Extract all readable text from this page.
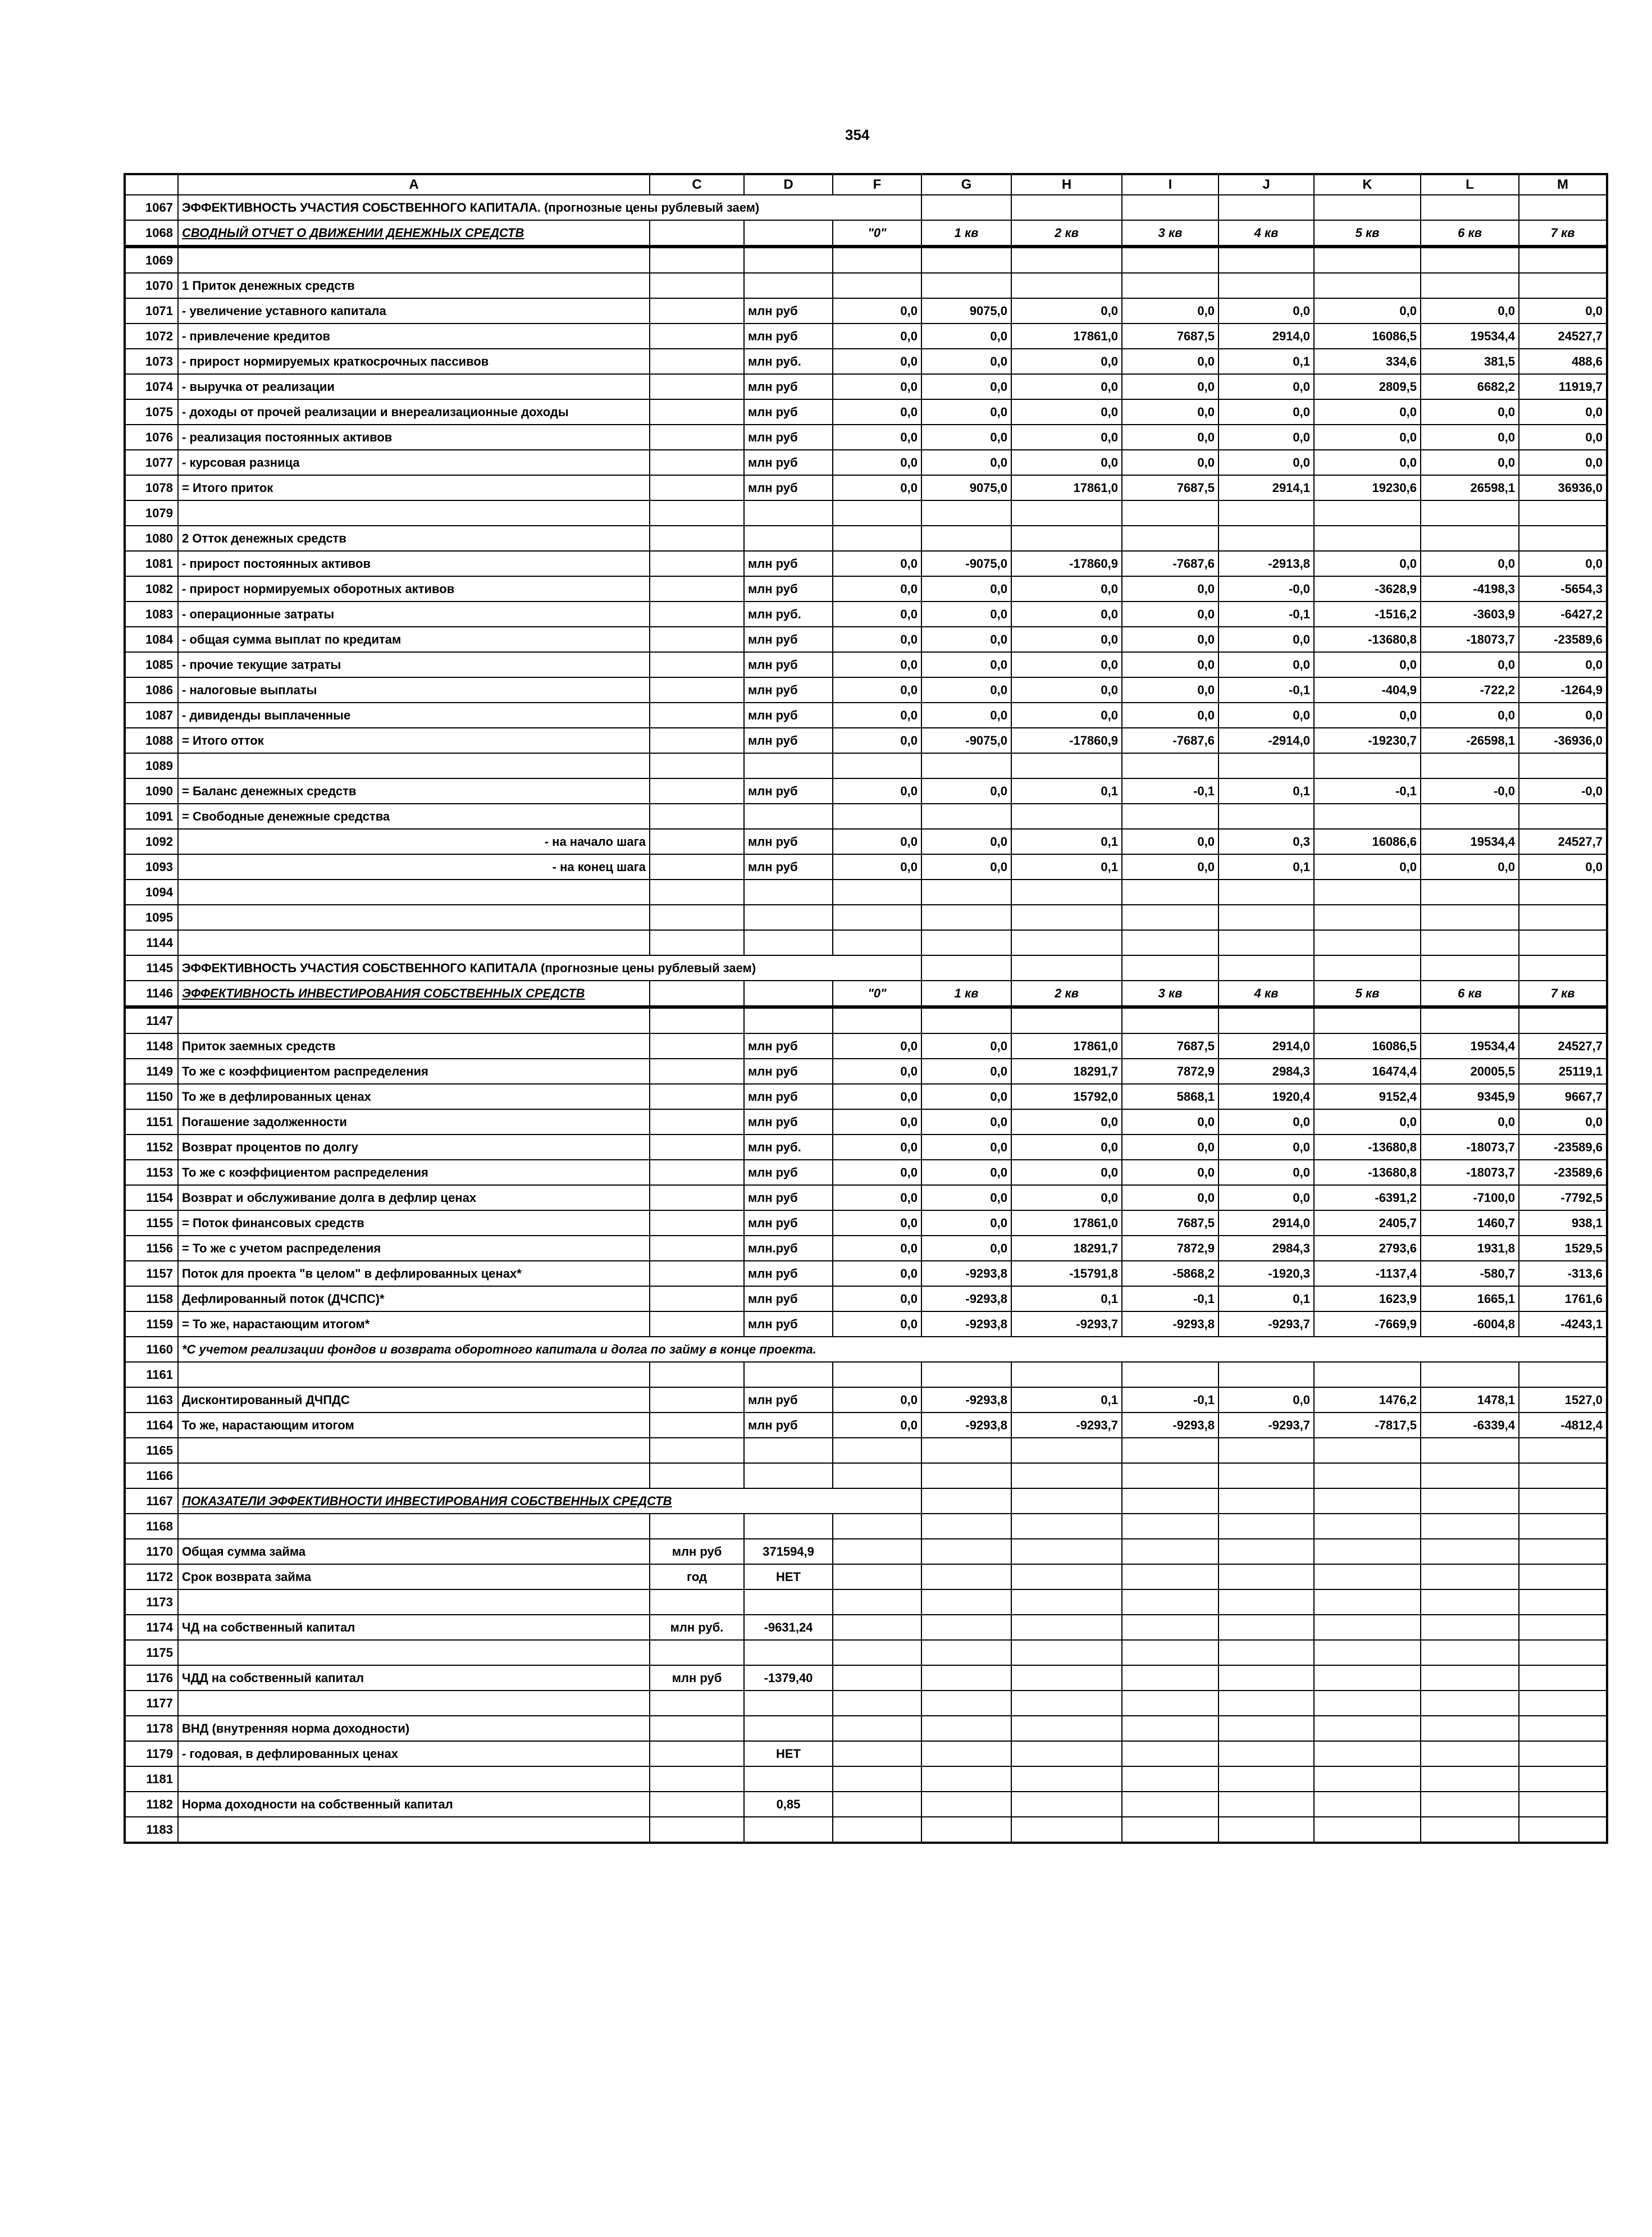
354
	A	C	D	F	G	H	I	J	K	L	M
1067	ЭФФЕКТИВНОСТЬ УЧАСТИЯ СОБСТВЕННОГО КАПИТАЛА. (прогнозные цены рублевый заем)										
1068	СВОДНЫЙ ОТЧЕТ О ДВИЖЕНИИ ДЕНЕЖНЫХ СРЕДСТВ			"0"	1 кв	2 кв	3 кв	4 кв	5 кв	6 кв	7 кв
1069											
1070	1 Приток денежных средств										
1071	- увеличение уставного капитала		млн руб	0,0	9075,0	0,0	0,0	0,0	0,0	0,0	0,0
1072	- привлечение кредитов		млн руб	0,0	0,0	17861,0	7687,5	2914,0	16086,5	19534,4	24527,7
1073	- прирост нормируемых краткосрочных пассивов		млн руб.	0,0	0,0	0,0	0,0	0,1	334,6	381,5	488,6
1074	- выручка от реализации		млн руб	0,0	0,0	0,0	0,0	0,0	2809,5	6682,2	11919,7
1075	- доходы от прочей реализации и внереализационные доходы		млн руб	0,0	0,0	0,0	0,0	0,0	0,0	0,0	0,0
1076	- реализация постоянных активов		млн руб	0,0	0,0	0,0	0,0	0,0	0,0	0,0	0,0
1077	- курсовая разница		млн руб	0,0	0,0	0,0	0,0	0,0	0,0	0,0	0,0
1078	= Итого приток		млн руб	0,0	9075,0	17861,0	7687,5	2914,1	19230,6	26598,1	36936,0
1079											
1080	2 Отток денежных средств										
1081	- прирост постоянных активов		млн руб	0,0	-9075,0	-17860,9	-7687,6	-2913,8	0,0	0,0	0,0
1082	- прирост нормируемых оборотных активов		млн руб	0,0	0,0	0,0	0,0	-0,0	-3628,9	-4198,3	-5654,3
1083	- операционные затраты		млн руб.	0,0	0,0	0,0	0,0	-0,1	-1516,2	-3603,9	-6427,2
1084	- общая сумма выплат по кредитам		млн руб	0,0	0,0	0,0	0,0	0,0	-13680,8	-18073,7	-23589,6
1085	- прочие текущие затраты		млн руб	0,0	0,0	0,0	0,0	0,0	0,0	0,0	0,0
1086	- налоговые выплаты		млн руб	0,0	0,0	0,0	0,0	-0,1	-404,9	-722,2	-1264,9
1087	- дивиденды выплаченные		млн руб	0,0	0,0	0,0	0,0	0,0	0,0	0,0	0,0
1088	= Итого отток		млн руб	0,0	-9075,0	-17860,9	-7687,6	-2914,0	-19230,7	-26598,1	-36936,0
1089											
1090	= Баланс денежных средств		млн руб	0,0	0,0	0,1	-0,1	0,1	-0,1	-0,0	-0,0
1091	= Свободные денежные средства										
1092	- на начало шага		млн руб	0,0	0,0	0,1	0,0	0,3	16086,6	19534,4	24527,7
1093	- на конец шага		млн руб	0,0	0,0	0,1	0,0	0,1	0,0	0,0	0,0
1094											
1095											
1144											
1145	ЭФФЕКТИВНОСТЬ УЧАСТИЯ СОБСТВЕННОГО КАПИТАЛА (прогнозные цены рублевый заем)										
1146	ЭФФЕКТИВНОСТЬ ИНВЕСТИРОВАНИЯ СОБСТВЕННЫХ СРЕДСТВ			"0"	1 кв	2 кв	3 кв	4 кв	5 кв	6 кв	7 кв
1147											
1148	Приток заемных средств		млн руб	0,0	0,0	17861,0	7687,5	2914,0	16086,5	19534,4	24527,7
1149	То же с коэффициентом распределения		млн руб	0,0	0,0	18291,7	7872,9	2984,3	16474,4	20005,5	25119,1
1150	То же в дефлированных ценах		млн руб	0,0	0,0	15792,0	5868,1	1920,4	9152,4	9345,9	9667,7
1151	Погашение задолженности		млн руб	0,0	0,0	0,0	0,0	0,0	0,0	0,0	0,0
1152	Возврат процентов по долгу		млн руб.	0,0	0,0	0,0	0,0	0,0	-13680,8	-18073,7	-23589,6
1153	То же с коэффициентом распределения		млн руб	0,0	0,0	0,0	0,0	0,0	-13680,8	-18073,7	-23589,6
1154	Возврат и обслуживание долга в дефлир цeнах		млн руб	0,0	0,0	0,0	0,0	0,0	-6391,2	-7100,0	-7792,5
1155	= Поток финансовых средств		млн руб	0,0	0,0	17861,0	7687,5	2914,0	2405,7	1460,7	938,1
1156	= То же с учетом распределения		млн.руб	0,0	0,0	18291,7	7872,9	2984,3	2793,6	1931,8	1529,5
1157	Поток для проекта "в целом" в дефлированных ценах*		млн руб	0,0	-9293,8	-15791,8	-5868,2	-1920,3	-1137,4	-580,7	-313,6
1158	Дефлированный поток (ДЧСПС)*		млн руб	0,0	-9293,8	0,1	-0,1	0,1	1623,9	1665,1	1761,6
1159	= То же, нарастающим итогом*		млн руб	0,0	-9293,8	-9293,7	-9293,8	-9293,7	-7669,9	-6004,8	-4243,1
1160	*С учетом реализации фондов и возврата оборотного капитала и долга по займу в конце проекта.										
1161											
1163	Дисконтированный ДЧПДС		млн руб	0,0	-9293,8	0,1	-0,1	0,0	1476,2	1478,1	1527,0
1164	То же, нарастающим итогом		млн руб	0,0	-9293,8	-9293,7	-9293,8	-9293,7	-7817,5	-6339,4	-4812,4
1165											
1166											
1167	ПОКАЗАТЕЛИ ЭФФЕКТИВНОСТИ ИНВЕСТИРОВАНИЯ СОБСТВЕННЫХ СРЕДСТВ										
1168											
1170	Общая сумма займа	млн руб	371594,9								
1172	Срок возврата займа	год	НЕТ								
1173											
1174	ЧД на собственный капитал	млн руб.	-9631,24								
1175											
1176	ЧДД на собственный капитал	млн руб	-1379,40								
1177											
1178	ВНД (внутренняя норма доходности)										
1179	- годовая, в дефлированных ценах		НЕТ								
1181											
1182	Норма доходности на собственный капитал		0,85								
1183											
